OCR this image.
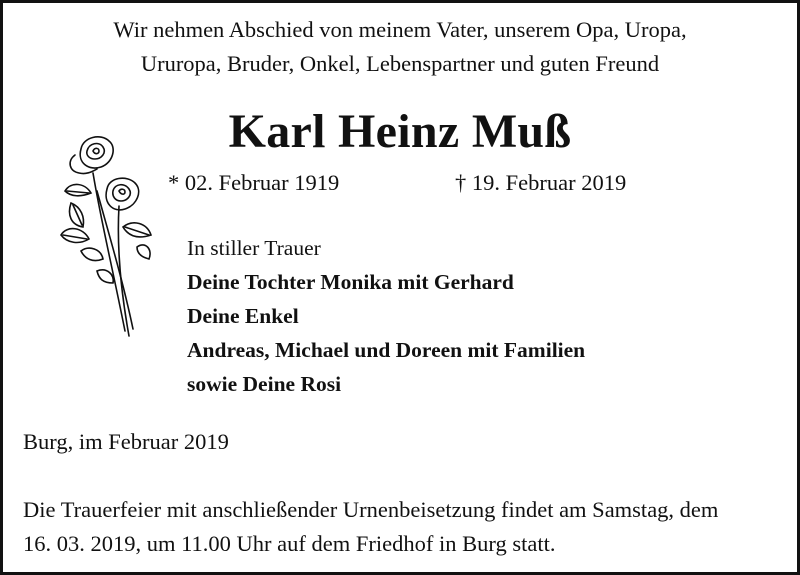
Wir nehmen Abschied von meinem Vater, unserem Opa, Uropa,
Ururopa, Bruder, Onkel, Lebenspartner und guten Freund

Karl Heinz Muß
* 02. Februar 1919	† 19. Februar 2019
In stiller Trauer
Deine Tochter Monika mit Gerhard
Deine Enkel
Andreas, Michael und Doreen mit Familien
sowie Deine Rosi

Burg, im Februar 2019

Die Trauerfeier mit anschließender Urnenbeisetzung findet am Samstag, dem
16. 03. 2019, um 11.00 Uhr auf dem Friedhof in Burg statt.
